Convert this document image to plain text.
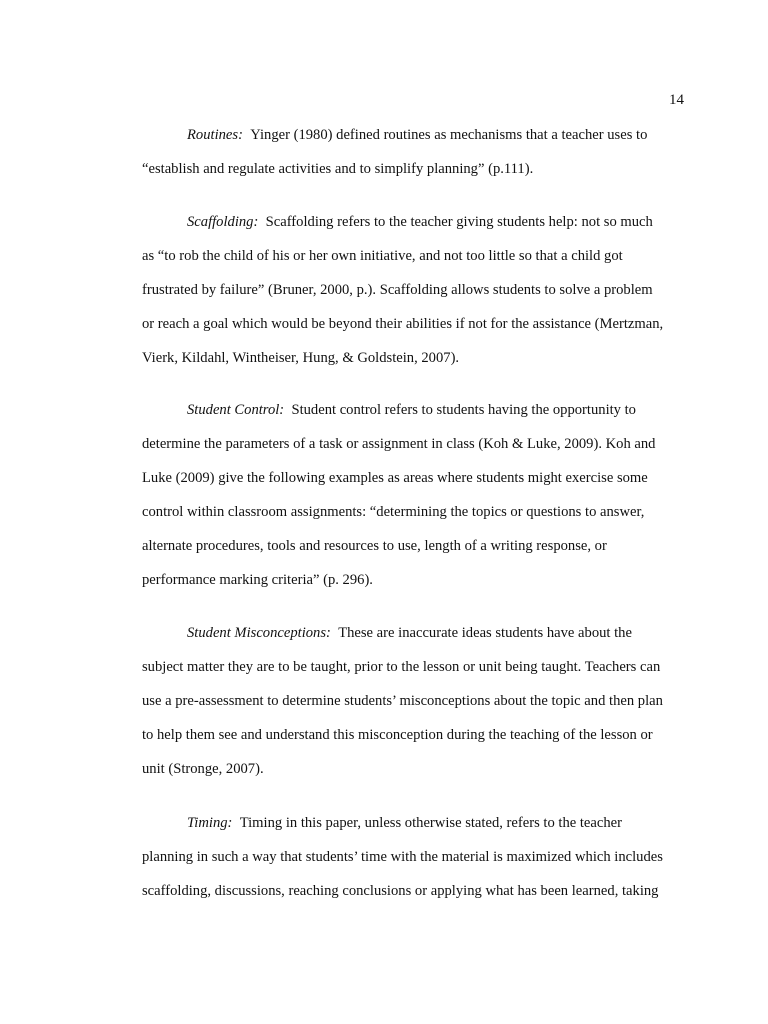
14

Routines: Yinger (1980) defined routines as mechanisms that a teacher uses to
“establish and regulate activities and to simplify planning” (p.111).

Scaffolding: Scaffolding refers to the teacher giving students help: not so much
as “to rob the child of his or her own initiative, and not too little so that a child got
frustrated by failure” (Bruner, 2000, p.). Scaffolding allows students to solve a problem
or reach a goal which would be beyond their abilities if not for the assistance (Mertzman,
Vierk, Kildahl, Wintheiser, Hung, & Goldstein, 2007).

Student Control: Student control refers to students having the opportunity to
determine the parameters of a task or assignment in class (Koh & Luke, 2009). Koh and
Luke (2009) give the following examples as areas where students might exercise some
control within classroom assignments: “determining the topics or questions to answer,
alternate procedures, tools and resources to use, length of a writing response, or
performance marking criteria” (p. 296).

Student Misconceptions: These are inaccurate ideas students have about the
subject matter they are to be taught, prior to the lesson or unit being taught. Teachers can
use a pre-assessment to determine students’ misconceptions about the topic and then plan
to help them see and understand this misconception during the teaching of the lesson or
unit (Stronge, 2007).

Timing: Timing in this paper, unless otherwise stated, refers to the teacher
planning in such a way that students’ time with the material is maximized which includes
scaffolding, discussions, reaching conclusions or applying what has been learned, taking
